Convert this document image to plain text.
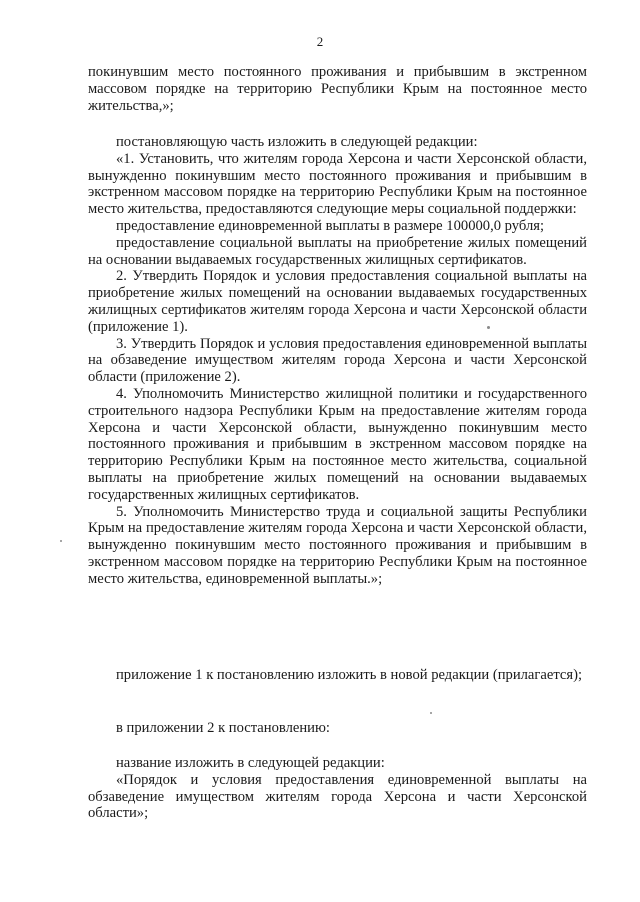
2

покинувшим место постоянного проживания и прибывшим в экстренном массовом порядке на территорию Республики Крым на постоянное место жительства,»;

постановляющую часть изложить в следующей редакции:

«1. Установить, что жителям города Херсона и части Херсонской области, вынужденно покинувшим место постоянного проживания и прибывшим в экстренном массовом порядке на территорию Республики Крым на постоянное место жительства, предоставляются следующие меры социальной поддержки:

предоставление единовременной выплаты в размере 100000,0 рубля;

предоставление социальной выплаты на приобретение жилых помещений на основании выдаваемых государственных жилищных сертификатов.

2. Утвердить Порядок и условия предоставления социальной выплаты на приобретение жилых помещений на основании выдаваемых государственных жилищных сертификатов жителям города Херсона и части Херсонской области (приложение 1).

3. Утвердить Порядок и условия предоставления единовременной выплаты на обзаведение имуществом жителям города Херсона и части Херсонской области (приложение 2).

4. Уполномочить Министерство жилищной политики и государственного строительного надзора Республики Крым на предоставление жителям города Херсона и части Херсонской области, вынужденно покинувшим место постоянного проживания и прибывшим в экстренном массовом порядке на территорию Республики Крым на постоянное место жительства, социальной выплаты на приобретение жилых помещений на основании выдаваемых государственных жилищных сертификатов.

5. Уполномочить Министерство труда и социальной защиты Республики Крым на предоставление жителям города Херсона и части Херсонской области, вынужденно покинувшим место постоянного проживания и прибывшим в экстренном массовом порядке на территорию Республики Крым на постоянное место жительства, единовременной выплаты.»;

приложение 1 к постановлению изложить в новой редакции (прилагается);

в приложении 2 к постановлению:

название изложить в следующей редакции:

«Порядок и условия предоставления единовременной выплаты на обзаведение имуществом жителям города Херсона и части Херсонской области»;
